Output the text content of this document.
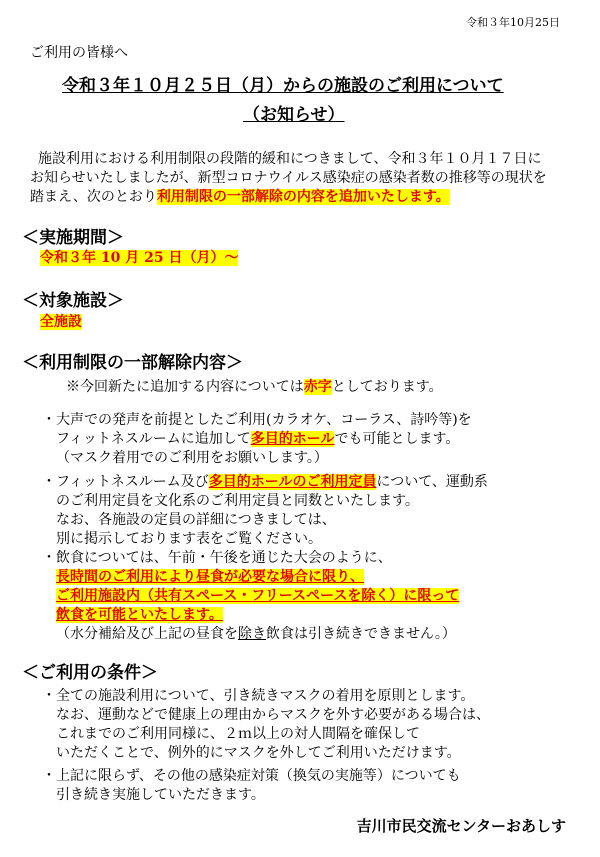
令和３年10月25日
ご利用の皆様へ
令和３年１０月２５日（月）からの施設のご利用について
（お知らせ）
施設利用における利用制限の段階的緩和につきまして、令和３年１０月１７日に
お知らせいたしましたが、新型コロナウイルス感染症の感染者数の推移等の現状を
踏まえ、次のとおり利用制限の一部解除の内容を追加いたします。
＜実施期間＞
令和３年 10 月 25 日（月）～
＜対象施設＞
全施設
＜利用制限の一部解除内容＞
※今回新たに追加する内容については赤字としております。
・大声での発声を前提としたご利用(カラオケ、コーラス、詩吟等)を
フィットネスルームに追加して多目的ホールでも可能とします。
（マスク着用でのご利用をお願いします。）
・フィットネスルーム及び多目的ホールのご利用定員について、運動系
のご利用定員を文化系のご利用定員と同数といたします。
なお、各施設の定員の詳細につきましては、
別に掲示しております表をご覧ください。
・飲食については、午前・午後を通じた大会のように、
長時間のご利用により昼食が必要な場合に限り、
ご利用施設内（共有スペース・フリースペースを除く）に限って
飲食を可能といたします。
（水分補給及び上記の昼食を除き飲食は引き続きできません。）
＜ご利用の条件＞
・全ての施設利用について、引き続きマスクの着用を原則とします。
なお、運動などで健康上の理由からマスクを外す必要がある場合は、
これまでのご利用同様に、２ｍ以上の対人間隔を確保して
いただくことで、例外的にマスクを外してご利用いただけます。
・上記に限らず、その他の感染症対策（換気の実施等）についても
引き続き実施していただきます。
吉川市民交流センターおあしす
